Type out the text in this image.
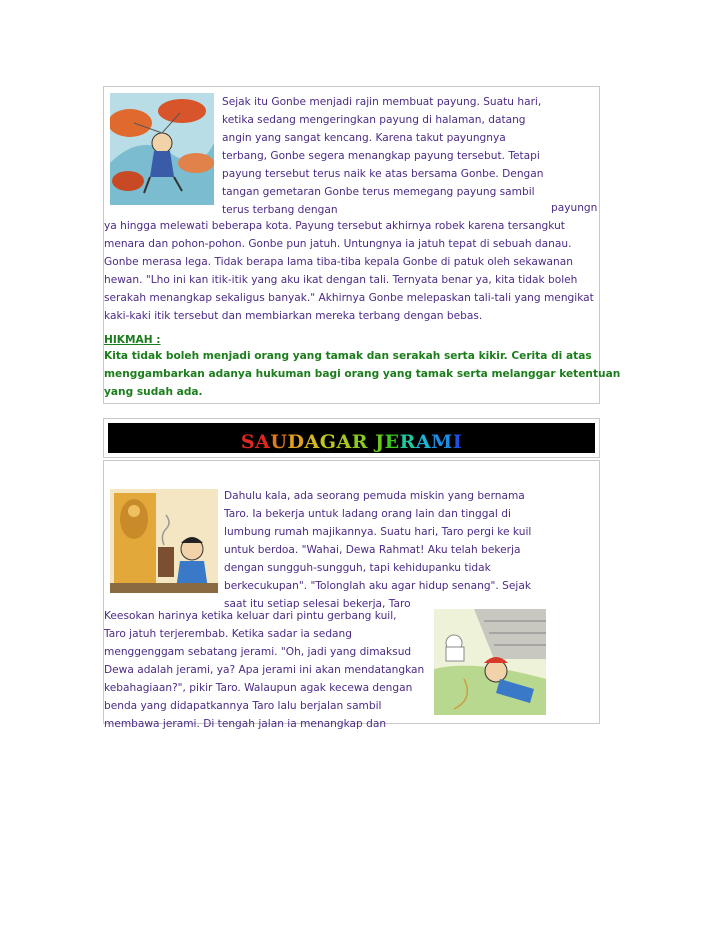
Sejak itu Gonbe menjadi rajin membuat payung. Suatu hari,
ketika sedang mengeringkan payung di halaman, datang
angin yang sangat kencang. Karena takut payungnya
terbang, Gonbe segera menangkap payung tersebut. Tetapi
payung tersebut terus naik ke atas bersama Gonbe. Dengan
tangan gemetaran Gonbe terus memegang payung sambil
terus terbang dengan	payungn
ya hingga melewati beberapa kota. Payung tersebut akhirnya robek karena tersangkut
menara dan pohon-pohon. Gonbe pun jatuh. Untungnya ia jatuh tepat di sebuah danau.
Gonbe merasa lega. Tidak berapa lama tiba-tiba kepala Gonbe di patuk oleh sekawanan
hewan. "Lho ini kan itik-itik yang aku ikat dengan tali. Ternyata benar ya, kita tidak boleh
serakah menangkap sekaligus banyak." Akhirnya Gonbe melepaskan tali-tali yang mengikat
kaki-kaki itik tersebut dan membiarkan mereka terbang dengan bebas.
HIKMAH :
Kita tidak boleh menjadi orang yang tamak dan serakah serta kikir. Cerita di atas
menggambarkan adanya hukuman bagi orang yang tamak serta melanggar ketentuan
yang sudah ada.
SAUDAGAR JERAMI
Dahulu kala, ada seorang pemuda miskin yang bernama
Taro. Ia bekerja untuk ladang orang lain dan tinggal di
lumbung rumah majikannya. Suatu hari, Taro pergi ke kuil
untuk berdoa. "Wahai, Dewa Rahmat! Aku telah bekerja
dengan sungguh-sungguh, tapi kehidupanku tidak
berkecukupan". "Tolonglah aku agar hidup senang". Sejak
saat itu setiap selesai bekerja, Taro
Keesokan harinya ketika keluar dari pintu gerbang kuil,
Taro jatuh terjerembab. Ketika sadar ia sedang
menggenggam sebatang jerami. "Oh, jadi yang dimaksud
Dewa adalah jerami, ya? Apa jerami ini akan mendatangkan
kebahagiaan?", pikir Taro. Walaupun agak kecewa dengan
benda yang didapatkannya Taro lalu berjalan sambil
membawa jerami. Di tengah jalan ia menangkap dan
